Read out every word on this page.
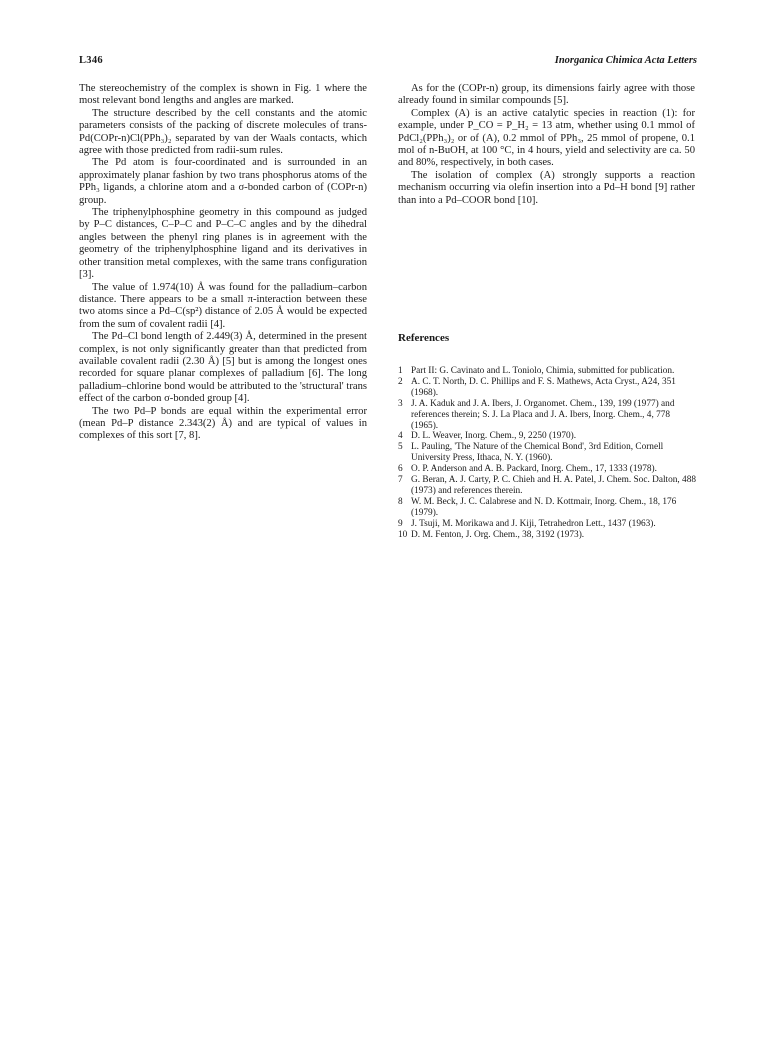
L346	Inorganica Chimica Acta Letters

The stereochemistry of the complex is shown in Fig. 1 where the most relevant bond lengths and angles are marked.

The structure described by the cell constants and the atomic parameters consists of the packing of discrete molecules of trans-Pd(COPr-n)Cl(PPh₃)₂ separated by van der Waals contacts, which agree with those predicted from radii-sum rules.

The Pd atom is four-coordinated and is surrounded in an approximately planar fashion by two trans phosphorus atoms of the PPh₃ ligands, a chlorine atom and a σ-bonded carbon of (COPr-n) group.

The triphenylphosphine geometry in this compound as judged by P–C distances, C–P–C and P–C–C angles and by the dihedral angles between the phenyl ring planes is in agreement with the geometry of the triphenylphosphine ligand and its derivatives in other transition metal complexes, with the same trans configuration [3].

The value of 1.974(10) Å was found for the palladium–carbon distance. There appears to be a small π-interaction between these two atoms since a Pd–C(sp²) distance of 2.05 Å would be expected from the sum of covalent radii [4].

The Pd–Cl bond length of 2.449(3) Å, determined in the present complex, is not only significantly greater than that predicted from available covalent radii (2.30 Å) [5] but is among the longest ones recorded for square planar complexes of palladium [6]. The long palladium–chlorine bond would be attributed to the 'structural' trans effect of the carbon σ-bonded group [4].

The two Pd–P bonds are equal within the experimental error (mean Pd–P distance 2.343(2) Å) and are typical of values in complexes of this sort [7, 8].

As for the (COPr-n) group, its dimensions fairly agree with those already found in similar compounds [5].

Complex (A) is an active catalytic species in reaction (1): for example, under P_CO = P_H₂ = 13 atm, whether using 0.1 mmol of PdCl₂(PPh₃)₂ or of (A), 0.2 mmol of PPh₃, 25 mmol of propene, 0.1 mol of n-BuOH, at 100 °C, in 4 hours, yield and selectivity are ca. 50 and 80%, respectively, in both cases.

The isolation of complex (A) strongly supports a reaction mechanism occurring via olefin insertion into a Pd–H bond [9] rather than into a Pd–COOR bond [10].

References
1 Part II: G. Cavinato and L. Toniolo, Chimia, submitted for publication.
2 A. C. T. North, D. C. Phillips and F. S. Mathews, Acta Cryst., A24, 351 (1968).
3 J. A. Kaduk and J. A. Ibers, J. Organomet. Chem., 139, 199 (1977) and references therein; S. J. La Placa and J. A. Ibers, Inorg. Chem., 4, 778 (1965).
4 D. L. Weaver, Inorg. Chem., 9, 2250 (1970).
5 L. Pauling, 'The Nature of the Chemical Bond', 3rd Edition, Cornell University Press, Ithaca, N. Y. (1960).
6 O. P. Anderson and A. B. Packard, Inorg. Chem., 17, 1333 (1978).
7 G. Beran, A. J. Carty, P. C. Chieh and H. A. Patel, J. Chem. Soc. Dalton, 488 (1973) and references therein.
8 W. M. Beck, J. C. Calabrese and N. D. Kottmair, Inorg. Chem., 18, 176 (1979).
9 J. Tsuji, M. Morikawa and J. Kiji, Tetrahedron Lett., 1437 (1963).
10 D. M. Fenton, J. Org. Chem., 38, 3192 (1973).
